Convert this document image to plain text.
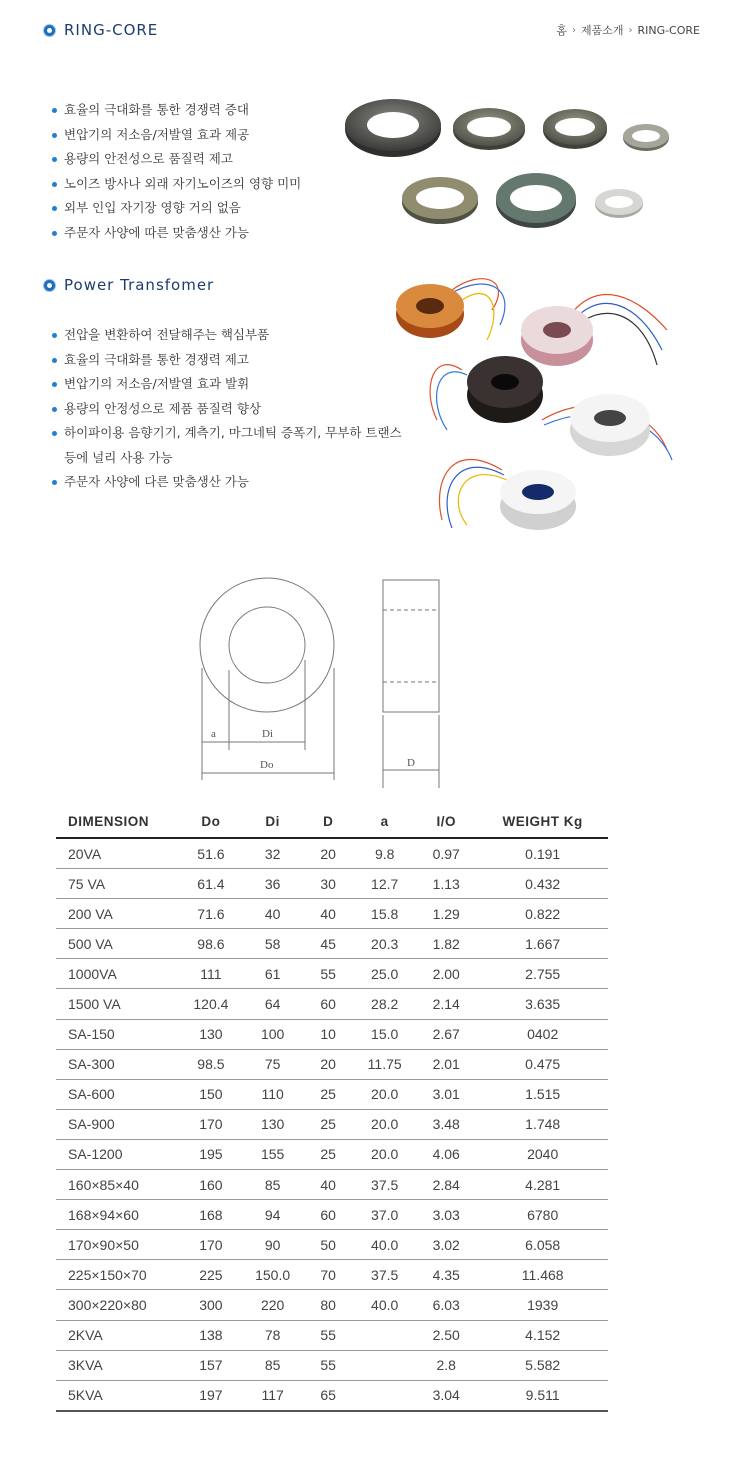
RING-CORE	홈 › 제품소개 › RING-CORE
효율의 극대화를 통한 경쟁력 증대
변압기의 저소음/저발열 효과 제공
용량의 안전성으로 품질력 제고
노이즈 방사나 외래 자기노이즈의 영향 미미
외부 인입 자기장 영향 거의 없음
주문자 사양에 따른 맞춤생산 가능
Power Transfomer
전압을 변환하여 전달해주는 핵심부품
효율의 극대화를 통한 경쟁력 제고
변압기의 저소음/저발열 효과 발휘
용량의 안정성으로 제품 품질력 향상
하이파이용 음향기기, 계측기, 마그네틱 증폭기, 무부하 트랜스
등에 널리 사용 가능
주문자 사양에 다른 맞춤생산 가능
a	Di
Do	D
DIMENSION	Do	Di	D	a	I/O	WEIGHT Kg
20VA	51.6	32	20	9.8	0.97	0.191
75 VA	61.4	36	30	12.7	1.13	0.432
200 VA	71.6	40	40	15.8	1.29	0.822
500 VA	98.6	58	45	20.3	1.82	1.667
1000VA	111	61	55	25.0	2.00	2.755
1500 VA	120.4	64	60	28.2	2.14	3.635
SA-150	130	100	10	15.0	2.67	0402
SA-300	98.5	75	20	11.75	2.01	0.475
SA-600	150	110	25	20.0	3.01	1.515
SA-900	170	130	25	20.0	3.48	1.748
SA-1200	195	155	25	20.0	4.06	2040
160×85×40	160	85	40	37.5	2.84	4.281
168×94×60	168	94	60	37.0	3.03	6780
170×90×50	170	90	50	40.0	3.02	6.058
225×150×70	225	150.0	70	37.5	4.35	11.468
300×220×80	300	220	80	40.0	6.03	1939
2KVA	138	78	55		2.50	4.152
3KVA	157	85	55		2.8	5.582
5KVA	197	117	65		3.04	9.511
